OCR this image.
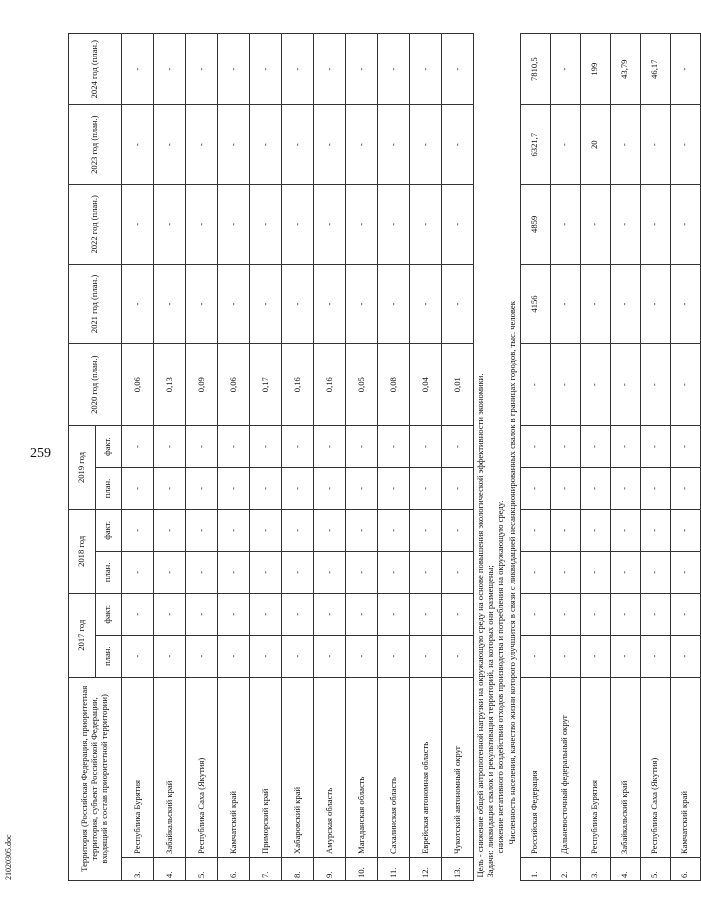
259
21020305.doc	Территория (Российская Федерация, приоритетная территория, субъект Российской Федерации, входящий в состав приоритетной территории)		2017 год		2018 год		2019 год		2020 год (план.)	2021 год (план.)	2022 год (план.)	2023 год (план.)	2024 год (план.)
		план.	факт.	план.	факт.	план.	факт.					
3.	Республика Бурятия	-	-	-	-	-	-	0,06	-	-	-	-
4.	Забайкальский край	-	-	-	-	-	-	0,13	-	-	-	-
5.	Республика Саха (Якутия)	-	-	-	-	-	-	0,09	-	-	-	-
6.	Камчатский край	-	-	-	-	-	-	0,06	-	-	-	-
7.	Приморский край	-	-	-	-	-	-	0,17	-	-	-	-
8.	Хабаровский край	-	-	-	-	-	-	0,16	-	-	-	-
9.	Амурская область	-	-	-	-	-	-	0,16	-	-	-	-
10.	Магаданская область	-	-	-	-	-	-	0,05	-	-	-	-
11.	Сахалинская область	-	-	-	-	-	-	0,08	-	-	-	-
12.	Еврейская автономная область	-	-	-	-	-	-	0,04	-	-	-	-
13.	Чукотский автономный округ	-	-	-	-	-	-	0,01	-	-	-	-

Цель - снижение общей антропогенной нагрузки на окружающую среду на основе повышения экологической эффективности экономики. Задачи: ликвидация свалок и рекультивация территорий, на которых они размещены; снижение негативного воздействия отходов производства и потребления на окружающую среду.												

Численность населения, качество жизни которого улучшится в связи с ликвидацией несанкционированных свалок в границах городов, тыс. человек												
1.	Российская Федерация	-	-	-	-	-	-	-	4156	4859	6321,7	7810,5
2.	Дальневосточный федеральный округ	-	-	-	-	-	-	-	-	-	-	-
3.	Республика Бурятия	-	-	-	-	-	-	-	-	-	20	199
4.	Забайкальский край	-	-	-	-	-	-	-	-	-	-	43,79
5.	Республика Саха (Якутия)	-	-	-	-	-	-	-	-	-	-	46,17
6.	Камчатский край	-	-	-	-	-	-	-	-	-	-	-
